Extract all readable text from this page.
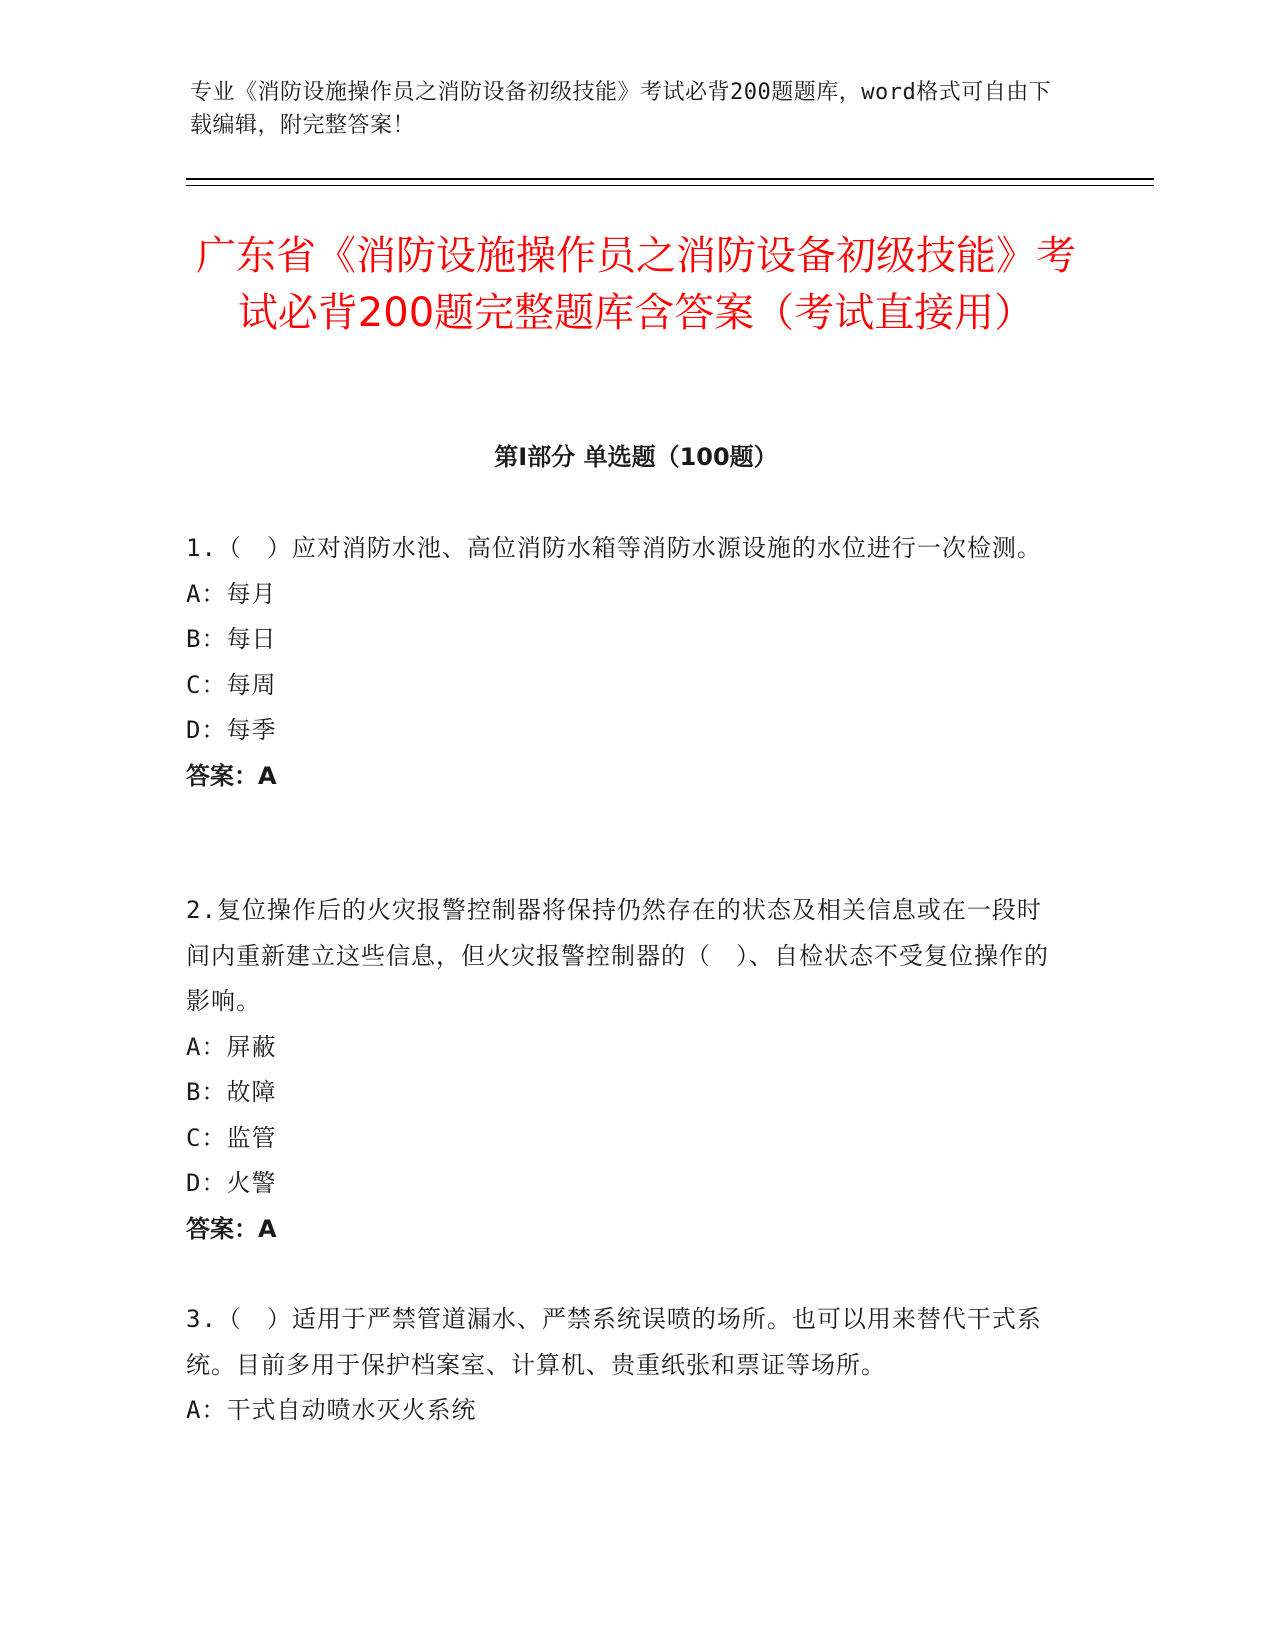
专业《消防设施操作员之消防设备初级技能》考试必背200题题库，word格式可自由下载编辑，附完整答案！
广东省《消防设施操作员之消防设备初级技能》考试必背200题完整题库含答案（考试直接用）
第I部分 单选题（100题）
1.（　）应对消防水池、高位消防水箱等消防水源设施的水位进行一次检测。
A：每月
B：每日
C：每周
D：每季
答案：A
2.复位操作后的火灾报警控制器将保持仍然存在的状态及相关信息或在一段时间内重新建立这些信息，但火灾报警控制器的（　）、自检状态不受复位操作的影响。
A：屏蔽
B：故障
C：监管
D：火警
答案：A
3.（　）适用于严禁管道漏水、严禁系统误喷的场所。也可以用来替代干式系统。目前多用于保护档案室、计算机、贵重纸张和票证等场所。
A：干式自动喷水灭火系统
